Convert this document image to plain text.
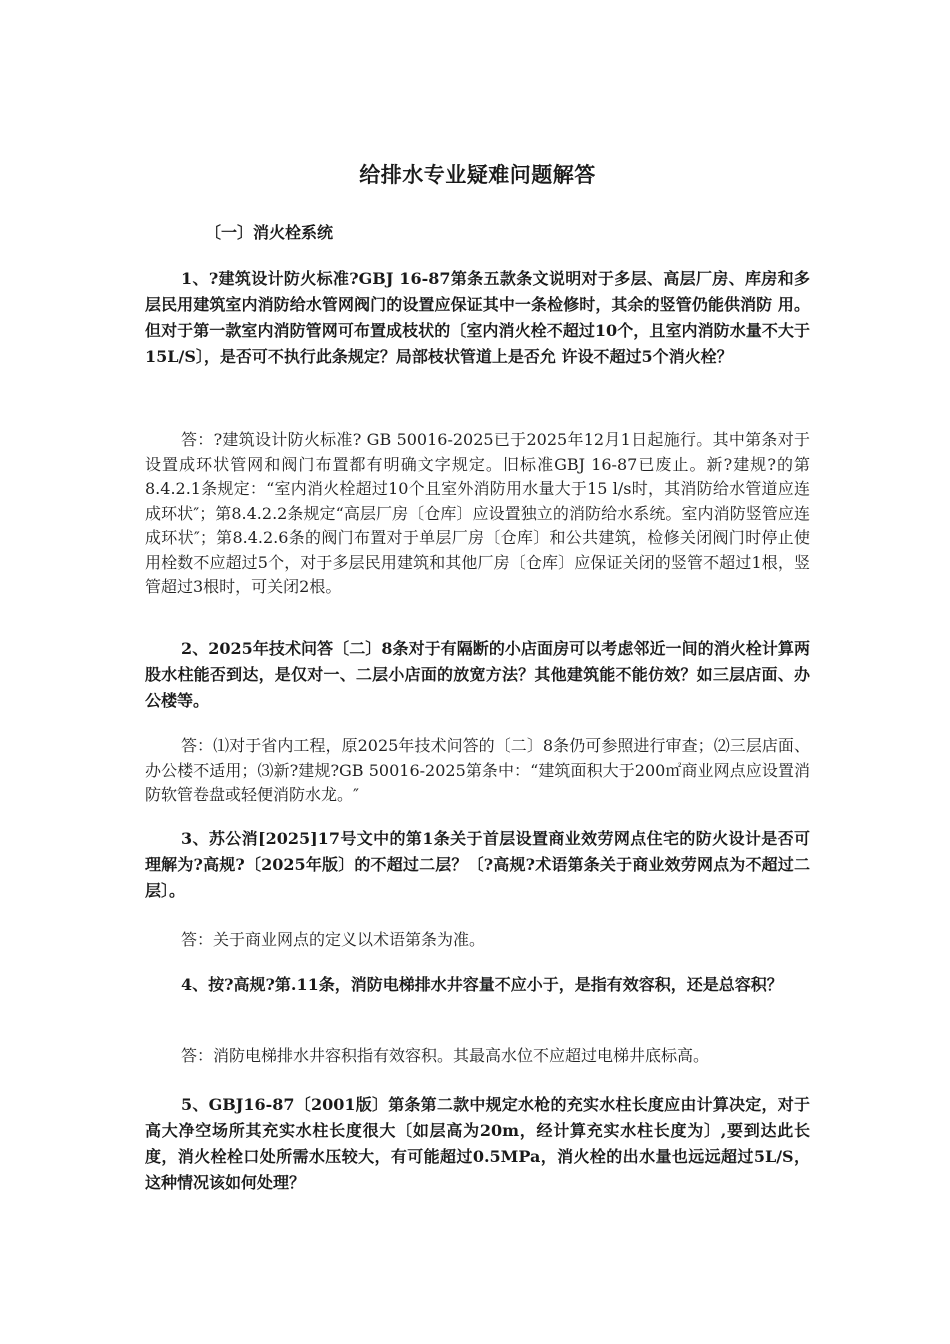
给排水专业疑难问题解答
〔一〕消火栓系统

1、?建筑设计防火标准?GBJ 16-87第条五款条文说明对于多层、高层厂房、库房和多层民用建筑室内消防给水管网阀门的设置应保证其中一条检修时，其余的竖管仍能供消防 用。但对于第一款室内消防管网可布置成枝状的〔室内消火栓不超过10个，且室内消防水量不大于15L/S〕，是否可不执行此条规定？局部枝状管道上是否允 许设不超过5个消火栓？

答：?建筑设计防火标准? GB 50016-2025已于2025年12月1日起施行。其中第条对于设置成环状管网和阀门布置都有明确文字规定。旧标准GBJ 16-87已废止。新?建规?的第8.4.2.1条规定：“室内消火栓超过10个且室外消防用水量大于15 l/s时，其消防给水管道应连成环状″；第8.4.2.2条规定“高层厂房〔仓库〕应设置独立的消防给水系统。室内消防竖管应连成环状″；第8.4.2.6条的阀门布置对于单层厂房〔仓库〕和公共建筑，检修关闭阀门时停止使用栓数不应超过5个，对于多层民用建筑和其他厂房〔仓库〕应保证关闭的竖管不超过1根，竖管超过3根时，可关闭2根。

2、2025年技术问答〔二〕8条对于有隔断的小店面房可以考虑邻近一间的消火栓计算两股水柱能否到达，是仅对一、二层小店面的放宽方法？其他建筑能不能仿效？如三层店面、办公楼等。

答：⑴对于省内工程，原2025年技术问答的〔二〕8条仍可参照进行审查；⑵三层店面、办公楼不适用；⑶新?建规?GB 50016-2025第条中：“建筑面积大于200㎡商业网点应设置消防软管卷盘或轻便消防水龙。″

3、苏公消[2025]17号文中的第1条关于首层设置商业效劳网点住宅的防火设计是否可理解为?高规?〔2025年版〕的不超过二层？〔?高规?术语第条关于商业效劳网点为不超过二层〕。

答：关于商业网点的定义以术语第条为准。

4、按?高规?第.11条，消防电梯排水井容量不应小于，是指有效容积，还是总容积？

答：消防电梯排水井容积指有效容积。其最高水位不应超过电梯井底标高。

5、GBJ16-87〔2001版〕第条第二款中规定水枪的充实水柱长度应由计算决定，对于高大净空场所其充实水柱长度很大〔如层高为20m，经计算充实水柱长度为〕,要到达此长度，消火栓栓口处所需水压较大，有可能超过0.5MPa，消火栓的出水量也远远超过5L/S，这种情况该如何处理？
